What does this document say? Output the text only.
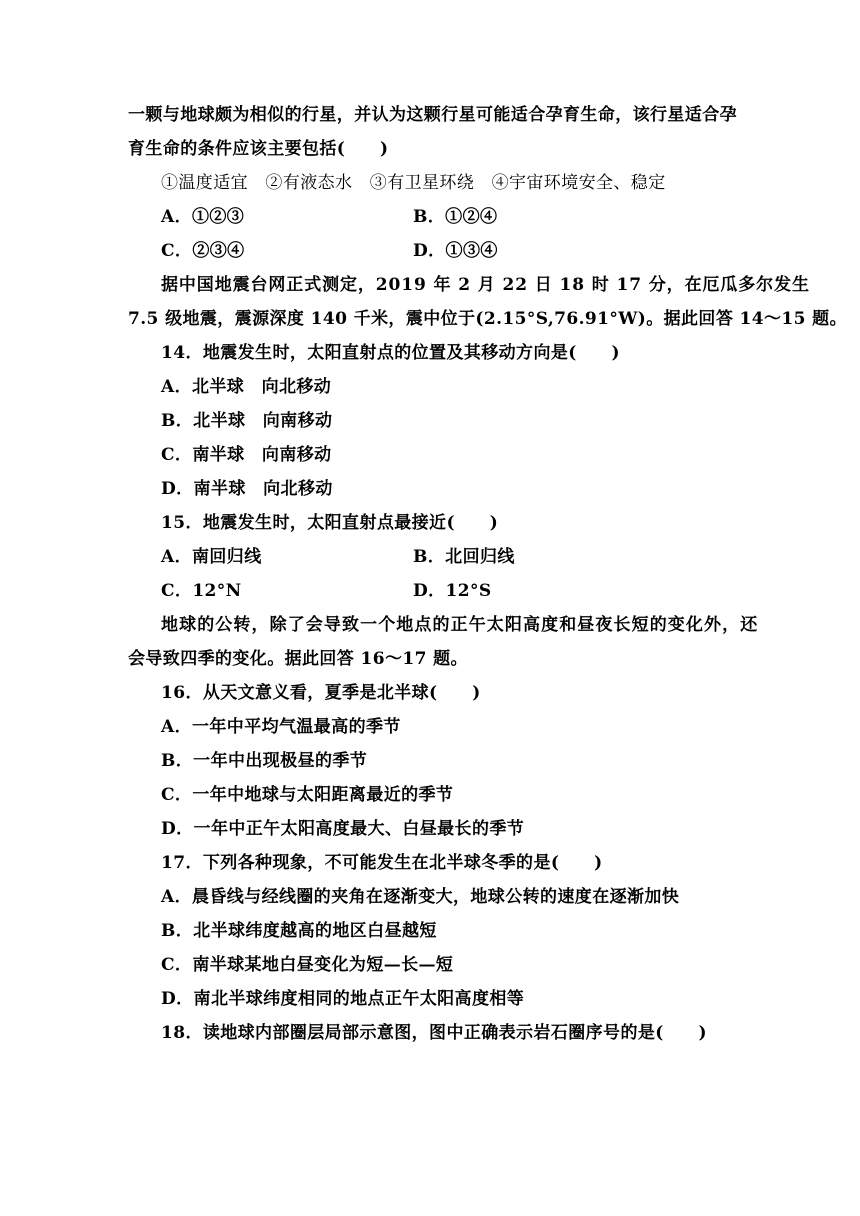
一颗与地球颇为相似的行星，并认为这颗行星可能适合孕育生命，该行星适合孕
育生命的条件应该主要包括(　　)
①温度适宜　②有液态水　③有卫星环绕　④宇宙环境安全、稳定
A．①②③	B．①②④
C．②③④	D．①③④
据中国地震台网正式测定，2019 年 2 月 22 日 18 时 17 分，在厄瓜多尔发生
7.5 级地震，震源深度 140 千米，震中位于(2.15°S,76.91°W)。据此回答 14～15 题。
14．地震发生时，太阳直射点的位置及其移动方向是(　　)
A．北半球　向北移动
B．北半球　向南移动
C．南半球　向南移动
D．南半球　向北移动
15．地震发生时，太阳直射点最接近(　　)
A．南回归线	B．北回归线
C．12°N	D．12°S
地球的公转，除了会导致一个地点的正午太阳高度和昼夜长短的变化外，还
会导致四季的变化。据此回答 16～17 题。
16．从天文意义看，夏季是北半球(　　)
A．一年中平均气温最高的季节
B．一年中出现极昼的季节
C．一年中地球与太阳距离最近的季节
D．一年中正午太阳高度最大、白昼最长的季节
17．下列各种现象，不可能发生在北半球冬季的是(　　)
A．晨昏线与经线圈的夹角在逐渐变大，地球公转的速度在逐渐加快
B．北半球纬度越高的地区白昼越短
C．南半球某地白昼变化为短—长—短
D．南北半球纬度相同的地点正午太阳高度相等
18．读地球内部圈层局部示意图，图中正确表示岩石圈序号的是(　　)
